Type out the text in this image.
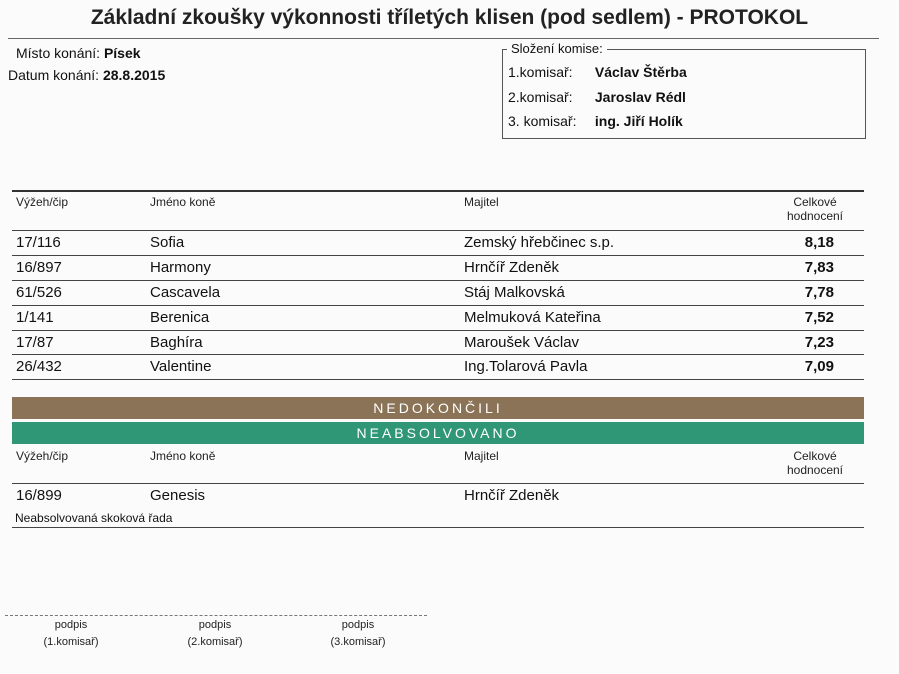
Základní zkoušky výkonnosti tříletých klisen (pod sedlem) - PROTOKOL
Místo konání: Písek
Datum konání: 28.8.2015
Složení komise:
1.komisař: Václav Štěrba
2.komisař: Jaroslav Rédl
3. komisař: ing. Jiří Holík
Výžeh/čip	Jméno koně	Majitel	Celkové
hodnocení
17/116	Sofia	Zemský hřebčinec s.p.	8,18
16/897	Harmony	Hrnčíř Zdeněk	7,83
61/526	Cascavela	Stáj Malkovská	7,78
1/141	Berenica	Melmuková Kateřina	7,52
17/87	Baghíra	Maroušek Václav	7,23
26/432	Valentine	Ing.Tolarová Pavla	7,09
NEDOKONČILI
NEABSOLVOVANO
Výžeh/čip	Jméno koně	Majitel	Celkové
hodnocení
16/899	Genesis	Hrnčíř Zdeněk
Neabsolvovaná skoková řada
podpis
(1.komisař)
podpis
(2.komisař)
podpis
(3.komisař)
